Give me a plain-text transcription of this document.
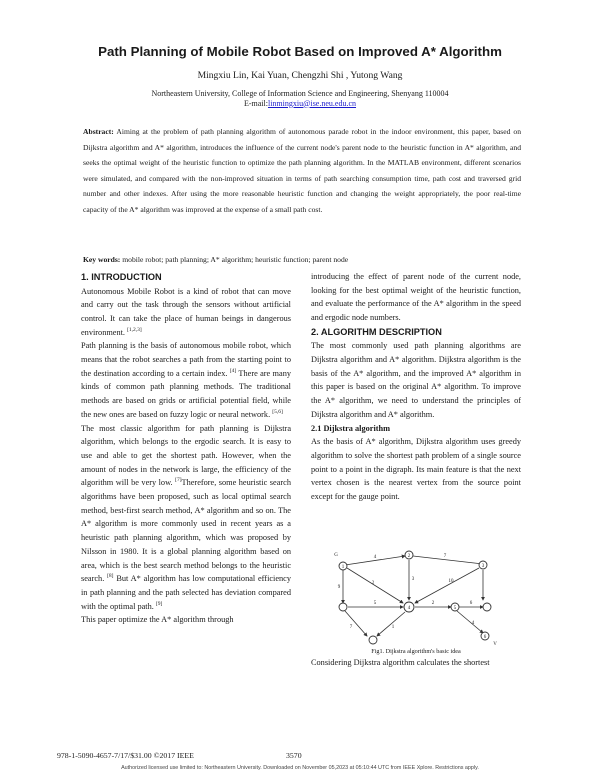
Path Planning of Mobile Robot Based on Improved A* Algorithm
Mingxiu Lin, Kai Yuan, Chengzhi Shi , Yutong Wang
Northeastern University, College of Information Science and Engineering, Shenyang 110004
E-mail:linmingxiu@ise.neu.edu.cn

Abstract: Aiming at the problem of path planning algorithm of autonomous parade robot in the indoor environment, this paper, based on Dijkstra algorithm and A* algorithm, introduces the influence of the current node's parent node to the heuristic function in A* algorithm, and seeks the optimal weight of the heuristic function to optimize the path planning algorithm. In the MATLAB environment, different scenarios were simulated, and compared with the non-improved situation in terms of path searching consumption time, path cost and traversed grid number and other indexes. After using the more reasonable heuristic function and changing the weight appropriately, the poor real-time capacity of the A* algorithm was improved at the expense of a small path cost.

Key words: mobile robot; path planning; A* algorithm; heuristic function; parent node

1. INTRODUCTION

Autonomous Mobile Robot is a kind of robot that can move and carry out the task through the sensors without artificial control. It can take the place of human beings in dangerous environment. [1,2,3]

Path planning is the basis of autonomous mobile robot, which means that the robot searches a path from the starting point to the destination according to a certain index. [4] There are many kinds of common path planning methods. The traditional methods are based on grids or artificial potential field, while the new ones are based on fuzzy logic or neural network. [5,6]

The most classic algorithm for path planning is Dijkstra algorithm, which belongs to the ergodic search. It is easy to use and able to get the shortest path. However, when the amount of nodes in the network is large, the efficiency of the algorithm will be very low. [7]Therefore, some heuristic search algorithms have been proposed, such as local optimal search method, best-first search method, A* algorithm and so on. The A* algorithm is more commonly used in recent years as a heuristic path planning algorithm, which was proposed by Nilsson in 1980. It is a global planning algorithm based on area, which is the best search method belongs to the heuristic search. [8] But A* algorithm has low computational efficiency in path planning and the path selected has deviation compared with the optimal path. [9]

This paper optimize the A* algorithm through

introducing the effect of parent node of the current node, looking for the best optimal weight of the heuristic function, and evaluate the performance of the A* algorithm in the speed and ergodic node numbers.

2. ALGORITHM DESCRIPTION

The most commonly used path planning algorithms are Dijkstra algorithm and A* algorithm. Dijkstra algorithm is the basis of the A* algorithm, and the improved A* algorithm in this paper is based on the original A* algorithm. To improve the A* algorithm, we need to understand the principles of Dijkstra algorithm and A* algorithm.

2.1 Dijkstra algorithm

As the basis of A* algorithm, Dijkstra algorithm uses greedy algorithm to solve the shortest path problem of a single source point to a point in the digraph. Its main feature is that the next vertex chosen is the nearest vertex from the source point except for the gauge point.

1
2
3
4	5
6
4	7
9
2
3	10
5	2	6
7	1
4
G
V
Fig1. Dijkstra algorithm's basic idea

Considering Dijkstra algorithm calculates the shortest

978-1-5090-4657-7/17/$31.00 ©2017 IEEE	3570
Authorized licensed use limited to: Northeastern University. Downloaded on November 05,2023 at 05:10:44 UTC from IEEE Xplore. Restrictions apply.
